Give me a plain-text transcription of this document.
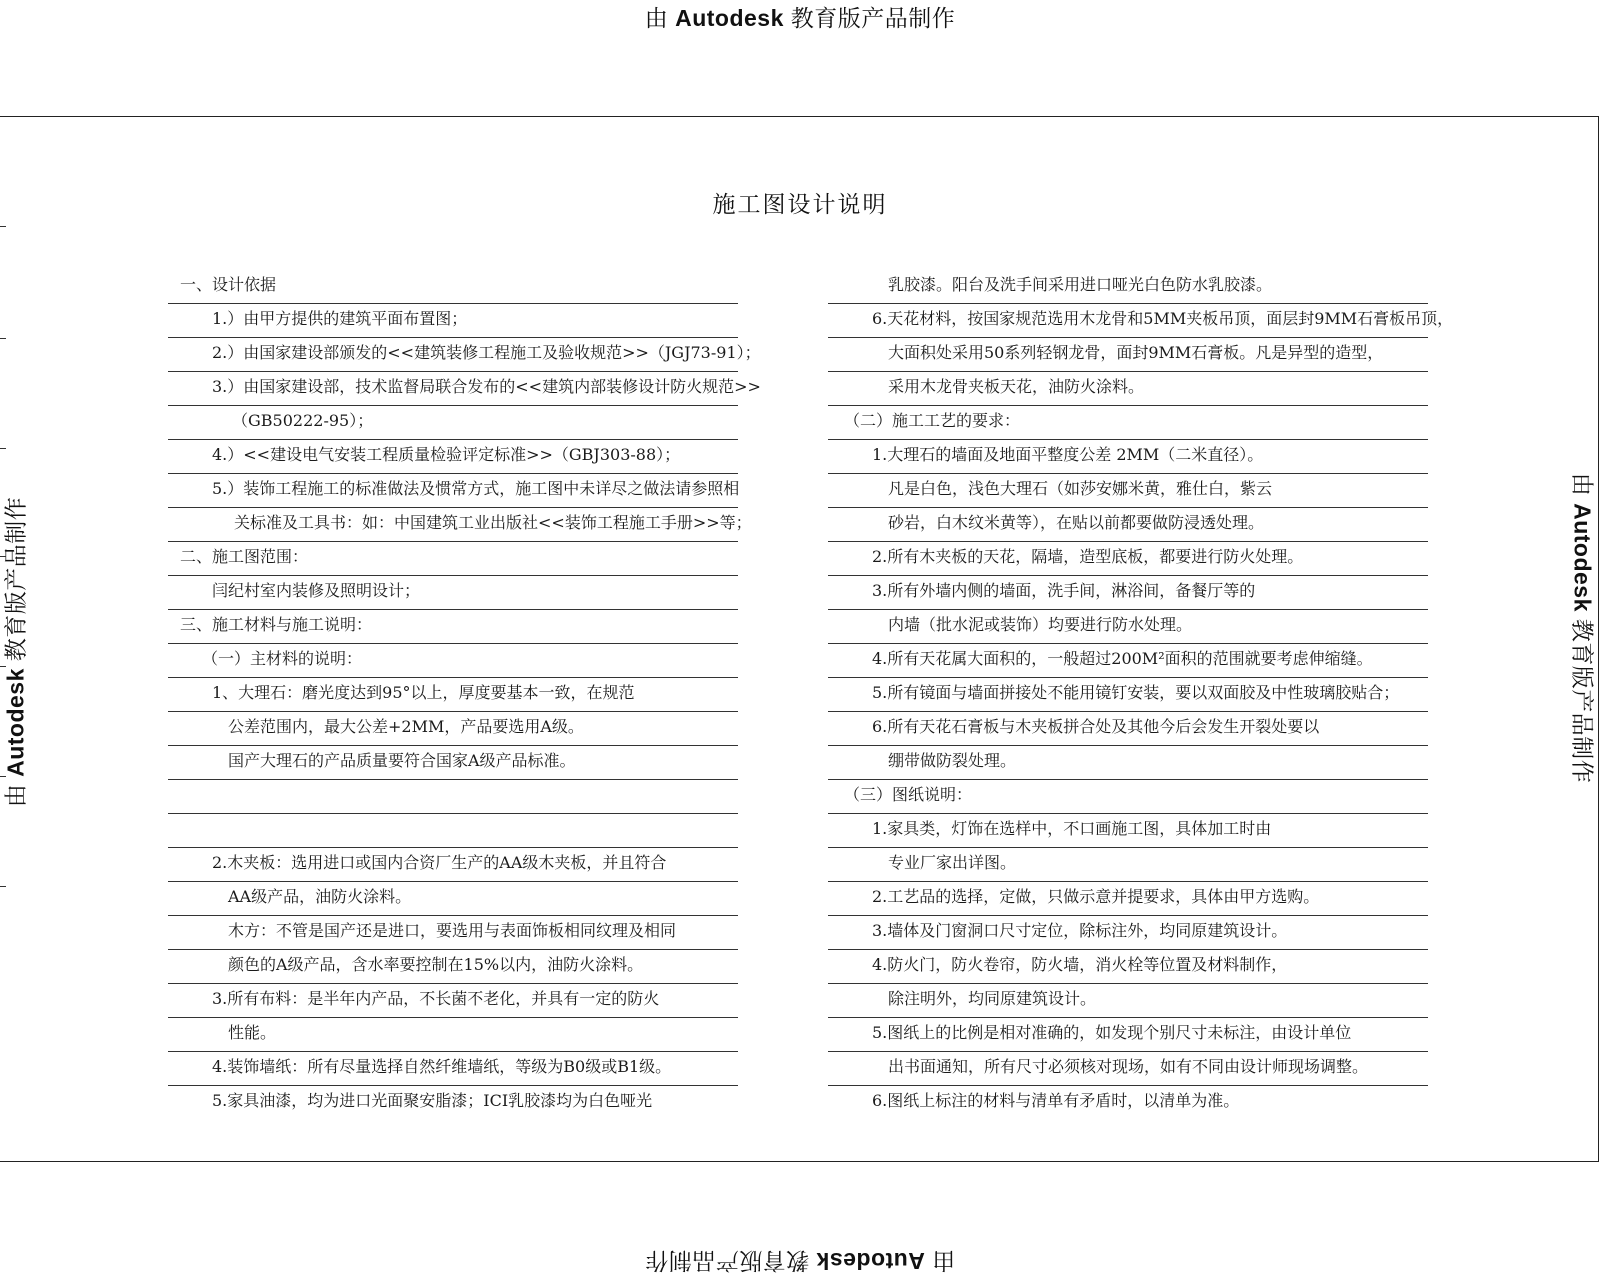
由 Autodesk 教育版产品制作
由 Autodesk 教育版产品制作
由 Autodesk 教育版产品制作
由 Autodesk 教育版产品制作
施工图设计说明
一、设计依据
1.）由甲方提供的建筑平面布置图；
2.）由国家建设部颁发的<<建筑装修工程施工及验收规范>>（JGJ73-91）；
3.）由国家建设部，技术监督局联合发布的<<建筑内部装修设计防火规范>>
（GB50222-95）；
4.）<<建设电气安装工程质量检验评定标准>>（GBJ303-88）；
5.）装饰工程施工的标准做法及惯常方式，施工图中未详尽之做法请参照相
关标准及工具书：如：中国建筑工业出版社<<装饰工程施工手册>>等；
二、施工图范围：
闫纪村室内装修及照明设计；
三、施工材料与施工说明：
（一）主材料的说明：
1、大理石：磨光度达到95°以上，厚度要基本一致，在规范
公差范围内，最大公差+2MM，产品要选用A级。
国产大理石的产品质量要符合国家A级产品标准。
2.木夹板：选用进口或国内合资厂生产的AA级木夹板，并且符合
AA级产品，油防火涂料。
木方：不管是国产还是进口，要选用与表面饰板相同纹理及相同
颜色的A级产品，含水率要控制在15%以内，油防火涂料。
3.所有布料：是半年内产品，不长菌不老化，并具有一定的防火
性能。
4.装饰墙纸：所有尽量选择自然纤维墙纸，等级为B0级或B1级。
5.家具油漆，均为进口光面聚安脂漆；ICI乳胶漆均为白色哑光
乳胶漆。阳台及洗手间采用进口哑光白色防水乳胶漆。
6.天花材料，按国家规范选用木龙骨和5MM夹板吊顶，面层封9MM石膏板吊顶，
大面积处采用50系列轻钢龙骨，面封9MM石膏板。凡是异型的造型，
采用木龙骨夹板天花，油防火涂料。
（二）施工工艺的要求：
1.大理石的墙面及地面平整度公差 2MM（二米直径）。
凡是白色，浅色大理石（如莎安娜米黄，雅仕白，紫云
砂岩，白木纹米黄等），在贴以前都要做防浸透处理。
2.所有木夹板的天花，隔墙，造型底板，都要进行防火处理。
3.所有外墙内侧的墙面，洗手间，淋浴间，备餐厅等的
内墙（批水泥或装饰）均要进行防水处理。
4.所有天花属大面积的，一般超过200M²面积的范围就要考虑伸缩缝。
5.所有镜面与墙面拼接处不能用镜钉安装，要以双面胶及中性玻璃胶贴合；
6.所有天花石膏板与木夹板拼合处及其他今后会发生开裂处要以
绷带做防裂处理。
（三）图纸说明：
1.家具类，灯饰在选样中，不口画施工图，具体加工时由
专业厂家出详图。
2.工艺品的选择，定做，只做示意并提要求，具体由甲方选购。
3.墙体及门窗洞口尺寸定位，除标注外，均同原建筑设计。
4.防火门，防火卷帘，防火墙，消火栓等位置及材料制作，
除注明外，均同原建筑设计。
5.图纸上的比例是相对准确的，如发现个别尺寸未标注，由设计单位
出书面通知，所有尺寸必须核对现场，如有不同由设计师现场调整。
6.图纸上标注的材料与清单有矛盾时，以清单为准。
